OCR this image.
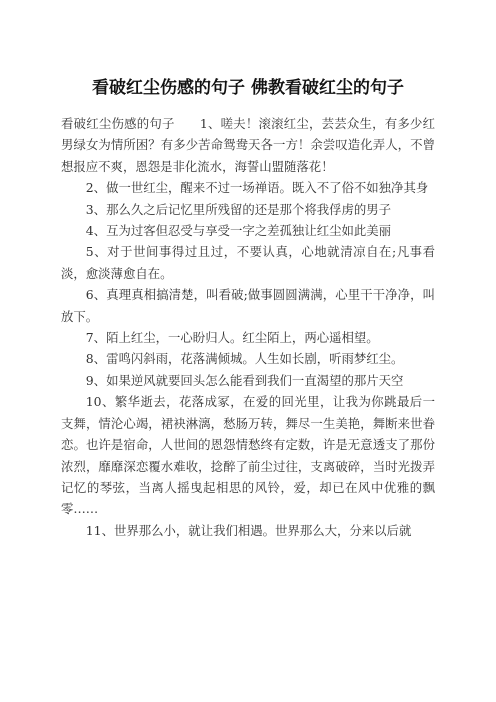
看破红尘伤感的句子 佛教看破红尘的句子

看破红尘伤感的句子　　1、嗟夫！滚滚红尘，芸芸众生，有多少红男绿女为情所困？有多少苦命鸳鸯天各一方！余尝叹造化弄人，不曾想报应不爽，恩怨是非化流水，海誓山盟随落花！

2、做一世红尘，醒来不过一场禅语。既入不了俗不如独净其身

3、那么久之后记忆里所残留的还是那个将我俘虏的男子

4、互为过客但忍受与享受一字之差孤独让红尘如此美丽

5、对于世间事得过且过，不要认真，心地就清凉自在;凡事看淡，愈淡薄愈自在。

6、真理真相搞清楚，叫看破;做事圆圆满满，心里干干净净，叫放下。

7、陌上红尘，一心盼归人。红尘陌上，两心遥相望。

8、雷鸣闪斜雨，花落满倾城。人生如长剧，听雨梦红尘。

9、如果逆风就要回头怎么能看到我们一直渴望的那片天空

10、繁华逝去，花落成冢，在爱的回光里，让我为你跳最后一支舞，情沦心竭，裙袂淋漓，愁肠万转，舞尽一生美艳，舞断来世眷恋。也许是宿命，人世间的恩怨情愁终有定数，许是无意透支了那份浓烈，靡靡深恋覆水难收，捻醉了前尘过往，支离破碎，当时光拨弄记忆的琴弦，当离人摇曳起相思的风铃，爱，却已在风中优雅的飘零……

11、世界那么小，就让我们相遇。世界那么大，分来以后就
